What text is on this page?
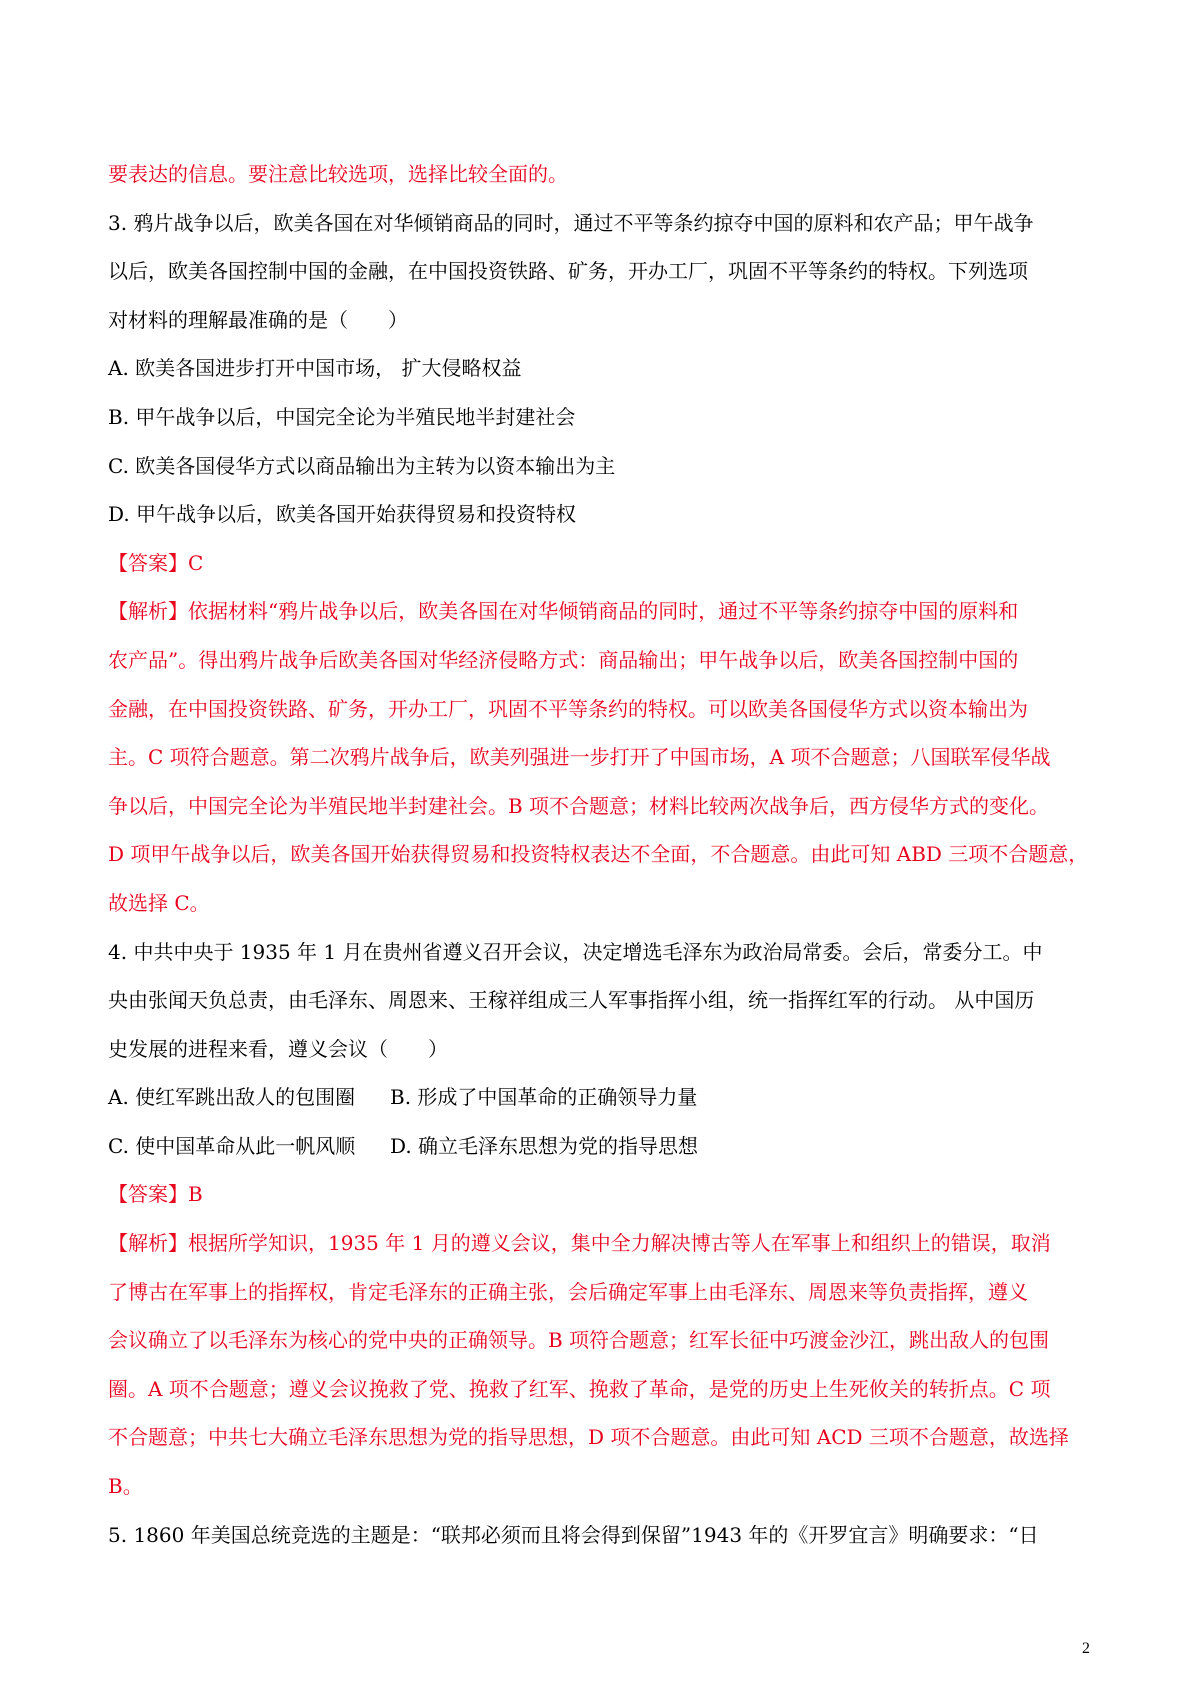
要表达的信息。要注意比较选项，选择比较全面的。
3. 鸦片战争以后，欧美各国在对华倾销商品的同时，通过不平等条约掠夺中国的原料和农产品；甲午战争
以后，欧美各国控制中国的金融，在中国投资铁路、矿务，开办工厂，巩固不平等条约的特权。下列选项
对材料的理解最准确的是（　　）
A. 欧美各国进步打开中国市场， 扩大侵略权益
B. 甲午战争以后，中国完全论为半殖民地半封建社会
C. 欧美各国侵华方式以商品输出为主转为以资本输出为主
D. 甲午战争以后，欧美各国开始获得贸易和投资特权
【答案】C
【解析】依据材料“鸦片战争以后，欧美各国在对华倾销商品的同时，通过不平等条约掠夺中国的原料和
农产品”。得出鸦片战争后欧美各国对华经济侵略方式：商品输出；甲午战争以后，欧美各国控制中国的
金融，在中国投资铁路、矿务，开办工厂，巩固不平等条约的特权。可以欧美各国侵华方式以资本输出为
主。C 项符合题意。第二次鸦片战争后，欧美列强进一步打开了中国市场，A 项不合题意；八国联军侵华战
争以后，中国完全论为半殖民地半封建社会。B 项不合题意；材料比较两次战争后，西方侵华方式的变化。
D 项甲午战争以后，欧美各国开始获得贸易和投资特权表达不全面，不合题意。由此可知 ABD 三项不合题意，
故选择 C。
4. 中共中央于 1935 年 1 月在贵州省遵义召开会议，决定增选毛泽东为政治局常委。会后，常委分工。中
央由张闻天负总责，由毛泽东、周恩来、王稼祥组成三人军事指挥小组，统一指挥红军的行动。 从中国历
史发展的进程来看，遵义会议（　　）
A. 使红军跳出敌人的包围圈 B. 形成了中国革命的正确领导力量
C. 使中国革命从此一帆风顺 D. 确立毛泽东思想为党的指导思想
【答案】B
【解析】根据所学知识，1935 年 1 月的遵义会议，集中全力解决博古等人在军事上和组织上的错误，取消
了博古在军事上的指挥权，肯定毛泽东的正确主张，会后确定军事上由毛泽东、周恩来等负责指挥，遵义
会议确立了以毛泽东为核心的党中央的正确领导。B 项符合题意；红军长征中巧渡金沙江，跳出敌人的包围
圈。A 项不合题意；遵义会议挽救了党、挽救了红军、挽救了革命，是党的历史上生死攸关的转折点。C 项
不合题意；中共七大确立毛泽东思想为党的指导思想，D 项不合题意。由此可知 ACD 三项不合题意，故选择
B。
5. 1860 年美国总统竞选的主题是：“联邦必须而且将会得到保留”1943 年的《开罗宜言》明确要求：“日
2
